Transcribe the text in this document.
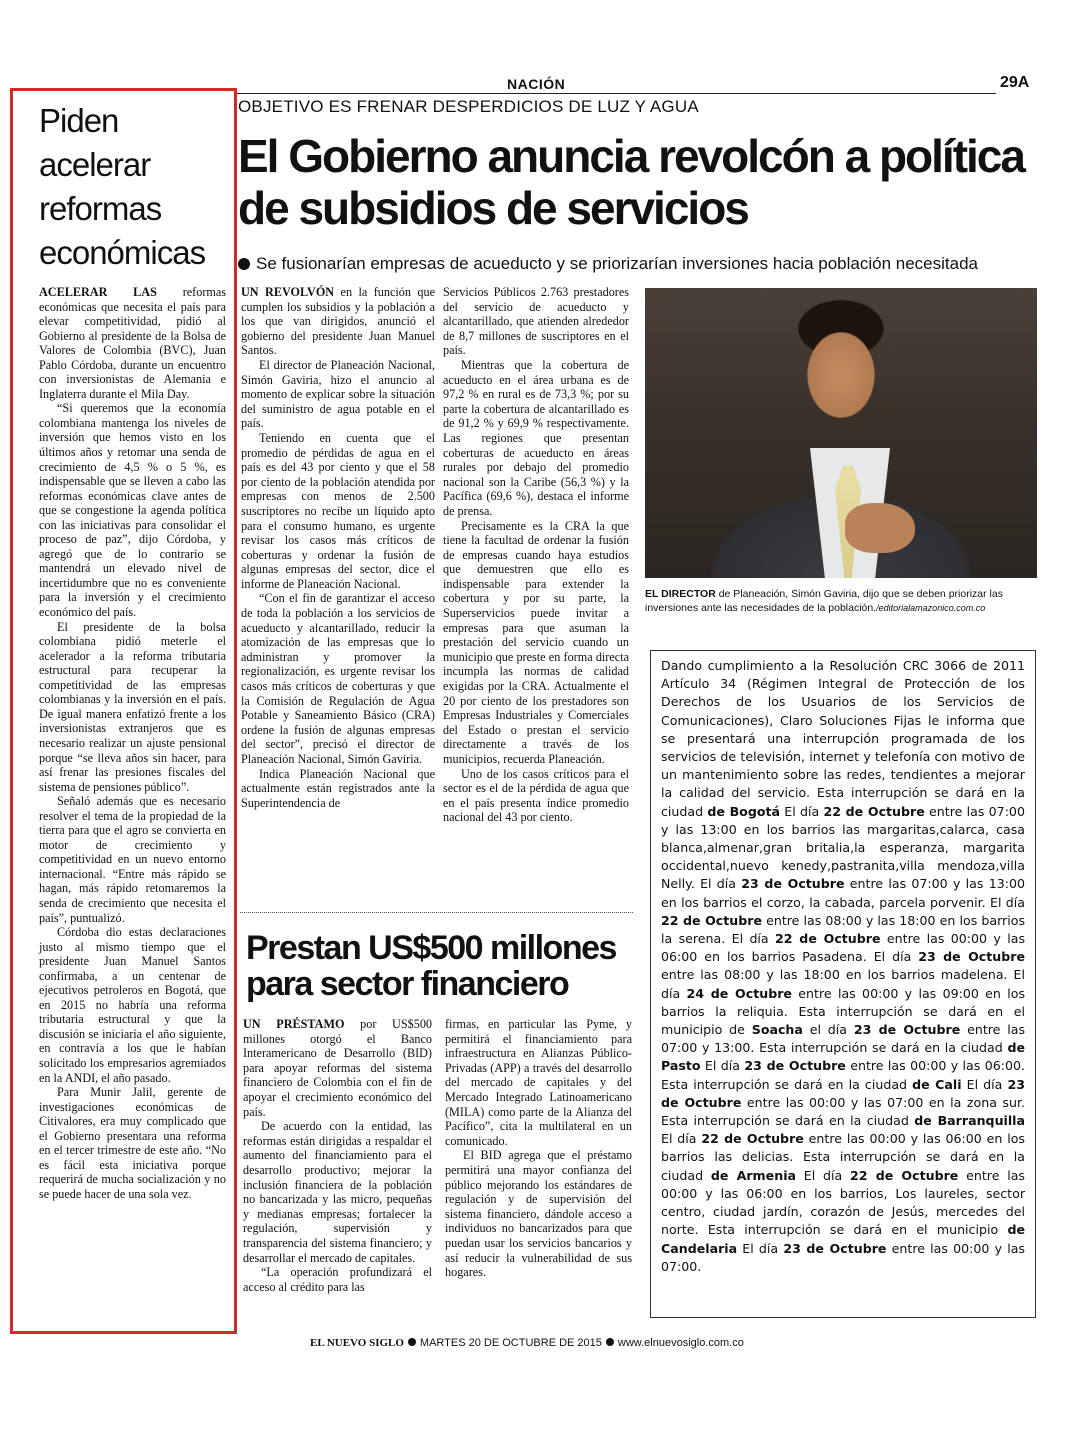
NACIÓN	29A
Piden
acelerar
reformas
económicas

ACELERAR LAS reformas económicas que necesita el país para elevar competitividad, pidió al Gobierno al presidente de la Bolsa de Valores de Colombia (BVC), Juan Pablo Córdoba, durante un encuentro con inversionistas de Alemania e Inglaterra durante el Mila Day.

“Si queremos que la economía colombiana mantenga los niveles de inversión que hemos visto en los últimos años y retomar una senda de crecimiento de 4,5 % o 5 %, es indispensable que se lleven a cabo las reformas económicas clave antes de que se congestione la agenda política con las iniciativas para consolidar el proceso de paz”, dijo Córdoba, y agregó que de lo contrario se mantendrá un elevado nivel de incertidumbre que no es conveniente para la inversión y el crecimiento económico del país.

El presidente de la bolsa colombiana pidió meterle el acelerador a la reforma tributaria estructural para recuperar la competitividad de las empresas colombianas y la inversión en el país. De igual manera enfatizó frente a los inversionistas extranjeros que es necesario realizar un ajuste pensional porque “se lleva años sin hacer, para así frenar las presiones fiscales del sistema de pensiones público”.

Señaló además que es necesario resolver el tema de la propiedad de la tierra para que el agro se convierta en motor de crecimiento y competitividad en un nuevo entorno internacional. “Entre más rápido se hagan, más rápido retomaremos la senda de crecimiento que necesita el país”, puntualizó.

Córdoba dio estas declaraciones justo al mismo tiempo que el presidente Juan Manuel Santos confirmaba, a un centenar de ejecutivos petroleros en Bogotá, que en 2015 no habría una reforma tributaria estructural y que la discusión se iniciaría el año siguiente, en contravía a los que le habían solicitado los empresarios agremiados en la ANDI, el año pasado.

Para Munir Jalil, gerente de investigaciones económicas de Citivalores, era muy complicado que el Gobierno presentara una reforma en el tercer trimestre de este año. “No es fácil esta iniciativa porque requerirá de mucha socialización y no se puede hacer de una sola vez.

OBJETIVO ES FRENAR DESPERDICIOS DE LUZ Y AGUA
El Gobierno anuncia revolcón a política de subsidios de servicios
Se fusionarían empresas de acueducto y se priorizarían inversiones hacia población necesitada

UN REVOLVÓN en la función que cumplen los subsidios y la población a los que van dirigidos, anunció el gobierno del presidente Juan Manuel Santos.

El director de Planeación Nacional, Simón Gaviria, hizo el anuncio al momento de explicar sobre la situación del suministro de agua potable en el país.

Teniendo en cuenta que el promedio de pérdidas de agua en el país es del 43 por ciento y que el 58 por ciento de la población atendida por empresas con menos de 2.500 suscriptores no recibe un líquido apto para el consumo humano, es urgente revisar los casos más críticos de coberturas y ordenar la fusión de algunas empresas del sector, dice el informe de Planeación Nacional.

“Con el fin de garantizar el acceso de toda la población a los servicios de acueducto y alcantarillado, reducir la atomización de las empresas que lo administran y promover la regionalización, es urgente revisar los casos más críticos de coberturas y que la Comisión de Regulación de Agua Potable y Saneamiento Básico (CRA) ordene la fusión de algunas empresas del sector”, precisó el director de Planeación Nacional, Simón Gaviria.

Indica Planeación Nacional que actualmente están registrados ante la Superintendencia de

Servicios Públicos 2.763 prestadores del servicio de acueducto y alcantarillado, que atienden alrededor de 8,7 millones de suscriptores en el país.

Mientras que la cobertura de acueducto en el área urbana es de 97,2 % en rural es de 73,3 %; por su parte la cobertura de alcantarillado es de 91,2 % y 69,9 % respectivamente. Las regiones que presentan coberturas de acueducto en áreas rurales por debajo del promedio nacional son la Caribe (56,3 %) y la Pacífica (69,6 %), destaca el informe de prensa.

Precisamente es la CRA la que tiene la facultad de ordenar la fusión de empresas cuando haya estudios que demuestren que ello es indispensable para extender la cobertura y por su parte, la Superservicios puede invitar a empresas para que asuman la prestación del servicio cuando un municipio que preste en forma directa incumpla las normas de calidad exigidas por la CRA. Actualmente el 20 por ciento de los prestadores son Empresas Industriales y Comerciales del Estado o prestan el servicio directamente a través de los municipios, recuerda Planeación.

Uno de los casos críticos para el sector es el de la pérdida de agua que en el país presenta índice promedio nacional del 43 por ciento.

EL DIRECTOR de Planeación, Simón Gaviria, dijo que se deben priorizar las inversiones ante las necesidades de la población./editorialamazonico.com.co
Prestan US$500 millones para sector financiero

UN PRÉSTAMO por US$500 millones otorgó el Banco Interamericano de Desarrollo (BID) para apoyar reformas del sistema financiero de Colombia con el fin de apoyar el crecimiento económico del país.

De acuerdo con la entidad, las reformas están dirigidas a respaldar el aumento del financiamiento para el desarrollo productivo; mejorar la inclusión financiera de la población no bancarizada y las micro, pequeñas y medianas empresas; fortalecer la regulación, supervisión y transparencia del sistema financiero; y desarrollar el mercado de capitales.

“La operación profundizará el acceso al crédito para las

firmas, en particular las Pyme, y permitirá el financiamiento para infraestructura en Alianzas Público-Privadas (APP) a través del desarrollo del mercado de capitales y del Mercado Integrado Latinoamericano (MILA) como parte de la Alianza del Pacífico”, cita la multilateral en un comunicado.

El BID agrega que el préstamo permitirá una mayor confianza del público mejorando los estándares de regulación y de supervisión del sistema financiero, dándole acceso a individuos no bancarizados para que puedan usar los servicios bancarios y así reducir la vulnerabilidad de sus hogares.

Dando cumplimiento a la Resolución CRC 3066 de 2011 Artículo 34 (Régimen Integral de Protección de los Derechos de los Usuarios de los Servicios de Comunicaciones), Claro Soluciones Fijas le informa que se presentará una interrupción programada de los servicios de televisión, internet y telefonía con motivo de un mantenimiento sobre las redes, tendientes a mejorar la calidad del servicio. Esta interrupción se dará en la ciudad de Bogotá El día 22 de Octubre entre las 07:00 y las 13:00 en los barrios las margaritas,calarca, casa blanca,almenar,gran britalia,la esperanza, margarita occidental,nuevo kenedy,pastranita,villa mendoza,villa Nelly. El día 23 de Octubre entre las 07:00 y las 13:00 en los barrios el corzo, la cabada, parcela porvenir. El día 22 de Octubre entre las 08:00 y las 18:00 en los barrios la serena. El día 22 de Octubre entre las 00:00 y las 06:00 en los barrios Pasadena. El día 23 de Octubre entre las 08:00 y las 18:00 en los barrios madelena. El día 24 de Octubre entre las 00:00 y las 09:00 en los barrios la reliquia. Esta interrupción se dará en el municipio de Soacha el día 23 de Octubre entre las 07:00 y 13:00. Esta interrupción se dará en la ciudad de Pasto El día 23 de Octubre entre las 00:00 y las 06:00. Esta interrupción se dará en la ciudad de Cali El día 23 de Octubre entre las 00:00 y las 07:00 en la zona sur. Esta interrupción se dará en la ciudad de Barranquilla El día 22 de Octubre entre las 00:00 y las 06:00 en los barrios las delicias. Esta interrupción se dará en la ciudad de Armenia El día 22 de Octubre entre las 00:00 y las 06:00 en los barrios, Los laureles, sector centro, ciudad jardín, corazón de Jesús, mercedes del norte. Esta interrupción se dará en el municipio de Candelaria El día 23 de Octubre entre las 00:00 y las 07:00.
EL NUEVO SIGLO MARTES 20 DE OCTUBRE DE 2015 www.elnuevosiglo.com.co
